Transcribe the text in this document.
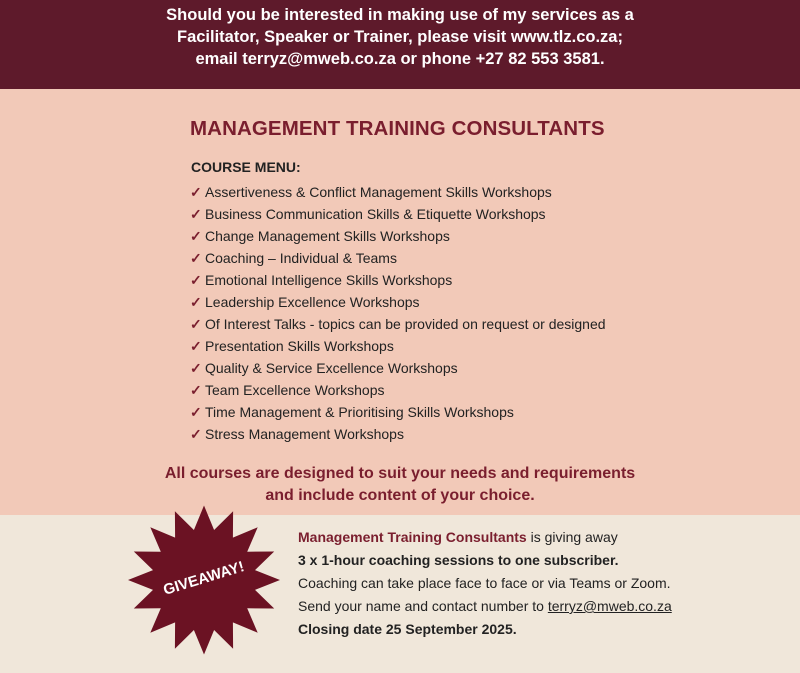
Should you be interested in making use of my services as a

Facilitator, Speaker or Trainer, please visit www.tlz.co.za;

email terryz@mweb.co.za or phone +27 82 553 3581.

MANAGEMENT TRAINING CONSULTANTS

COURSE MENU:

✓ Assertiveness & Conflict Management Skills Workshops
✓ Business Communication Skills & Etiquette Workshops
✓ Change Management Skills Workshops
✓ Coaching – Individual & Teams
✓ Emotional Intelligence Skills Workshops
✓ Leadership Excellence Workshops
✓ Of Interest Talks - topics can be provided on request or designed
✓ Presentation Skills Workshops
✓ Quality & Service Excellence Workshops
✓ Team Excellence Workshops
✓ Time Management & Prioritising Skills Workshops
✓ Stress Management Workshops

All courses are designed to suit your needs and requirements
and include content of your choice.

GIVEAWAY!
Management Training Consultants is giving away
3 x 1-hour coaching sessions to one subscriber.
Coaching can take place face to face or via Teams or Zoom.
Send your name and contact number to terryz@mweb.co.za
Closing date 25 September 2025.
